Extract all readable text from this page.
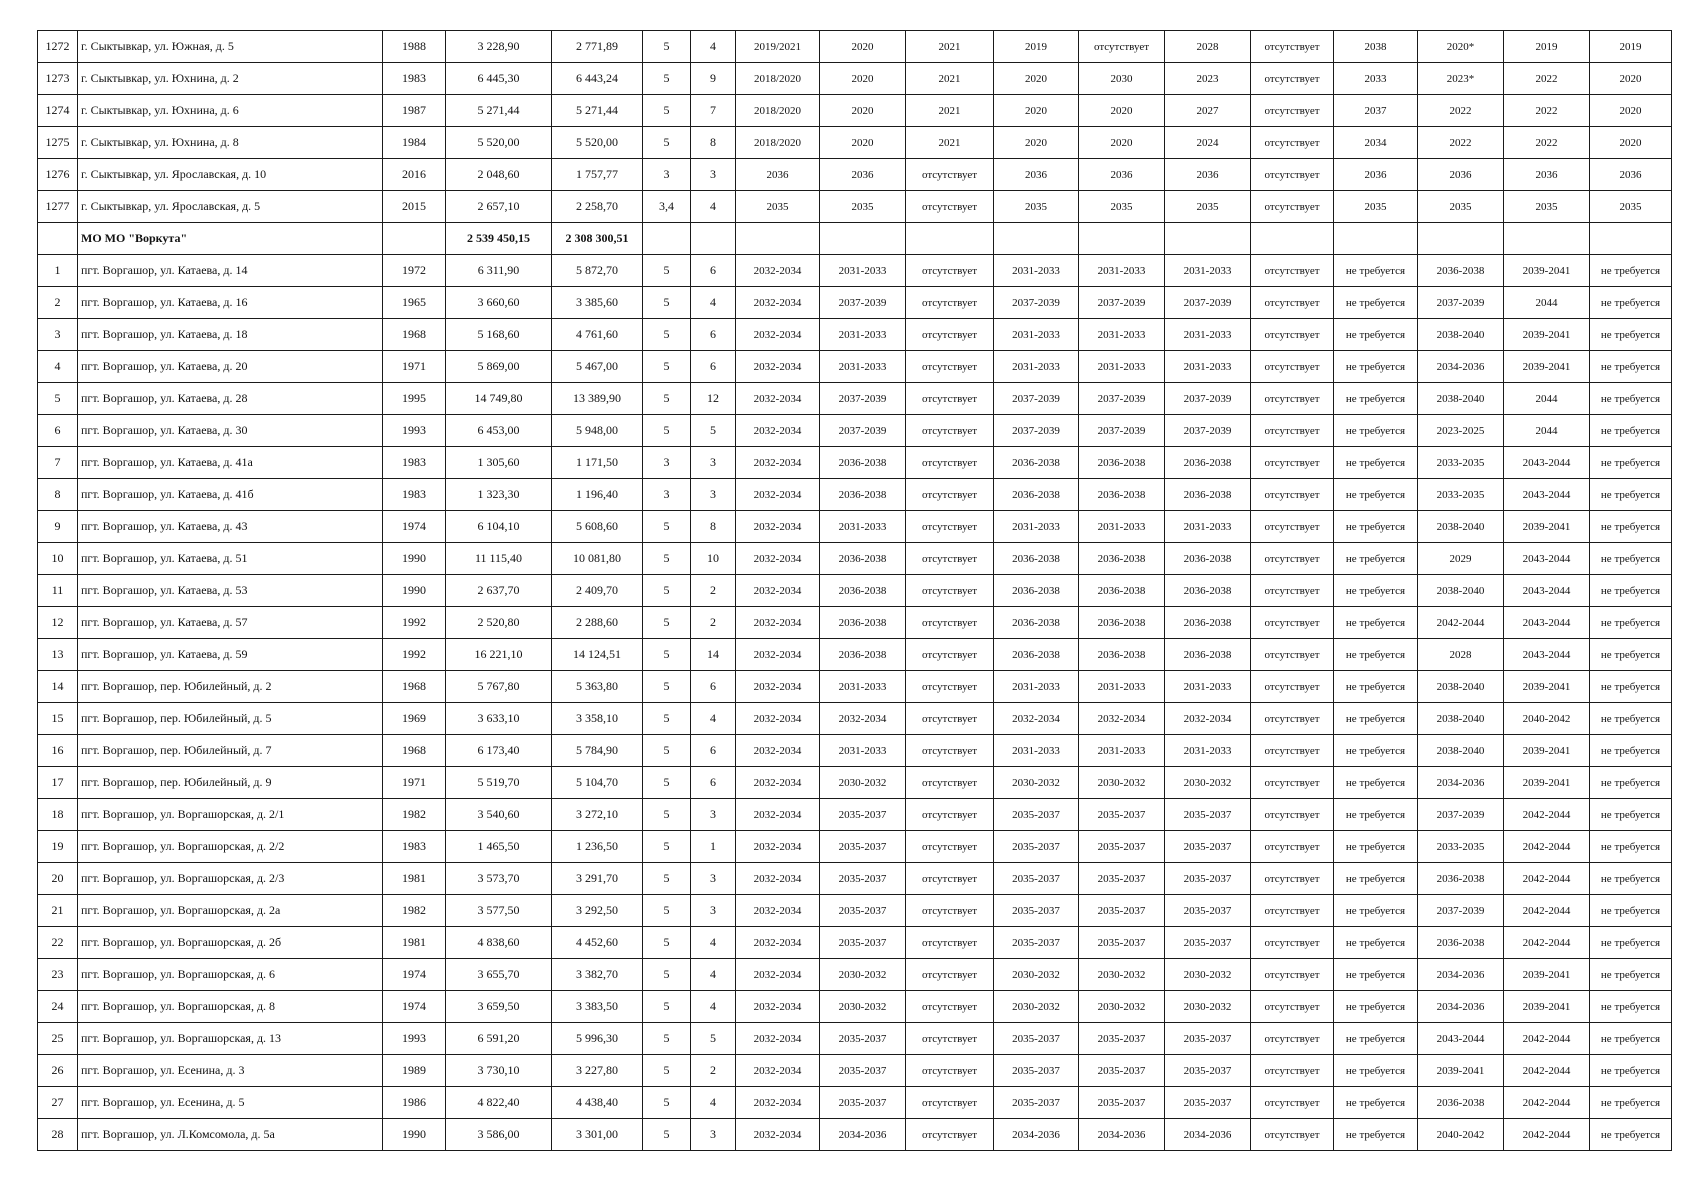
1272	г. Сыктывкар, ул. Южная, д. 5	1988	3 228,90	2 771,89	5	4	2019/2021	2020	2021	2019	отсутствует	2028	отсутствует	2038	2020*	2019	2019
1273	г. Сыктывкар, ул. Юхнина, д. 2	1983	6 445,30	6 443,24	5	9	2018/2020	2020	2021	2020	2030	2023	отсутствует	2033	2023*	2022	2020
1274	г. Сыктывкар, ул. Юхнина, д. 6	1987	5 271,44	5 271,44	5	7	2018/2020	2020	2021	2020	2020	2027	отсутствует	2037	2022	2022	2020
1275	г. Сыктывкар, ул. Юхнина, д. 8	1984	5 520,00	5 520,00	5	8	2018/2020	2020	2021	2020	2020	2024	отсутствует	2034	2022	2022	2020
1276	г. Сыктывкар, ул. Ярославская, д. 10	2016	2 048,60	1 757,77	3	3	2036	2036	отсутствует	2036	2036	2036	отсутствует	2036	2036	2036	2036
1277	г. Сыктывкар, ул. Ярославская, д. 5	2015	2 657,10	2 258,70	3,4	4	2035	2035	отсутствует	2035	2035	2035	отсутствует	2035	2035	2035	2035
	МО МО "Воркута"		2 539 450,15	2 308 300,51													
1	пгт. Воргашор, ул. Катаева, д. 14	1972	6 311,90	5 872,70	5	6	2032-2034	2031-2033	отсутствует	2031-2033	2031-2033	2031-2033	отсутствует	не требуется	2036-2038	2039-2041	не требуется
2	пгт. Воргашор, ул. Катаева, д. 16	1965	3 660,60	3 385,60	5	4	2032-2034	2037-2039	отсутствует	2037-2039	2037-2039	2037-2039	отсутствует	не требуется	2037-2039	2044	не требуется
3	пгт. Воргашор, ул. Катаева, д. 18	1968	5 168,60	4 761,60	5	6	2032-2034	2031-2033	отсутствует	2031-2033	2031-2033	2031-2033	отсутствует	не требуется	2038-2040	2039-2041	не требуется
4	пгт. Воргашор, ул. Катаева, д. 20	1971	5 869,00	5 467,00	5	6	2032-2034	2031-2033	отсутствует	2031-2033	2031-2033	2031-2033	отсутствует	не требуется	2034-2036	2039-2041	не требуется
5	пгт. Воргашор, ул. Катаева, д. 28	1995	14 749,80	13 389,90	5	12	2032-2034	2037-2039	отсутствует	2037-2039	2037-2039	2037-2039	отсутствует	не требуется	2038-2040	2044	не требуется
6	пгт. Воргашор, ул. Катаева, д. 30	1993	6 453,00	5 948,00	5	5	2032-2034	2037-2039	отсутствует	2037-2039	2037-2039	2037-2039	отсутствует	не требуется	2023-2025	2044	не требуется
7	пгт. Воргашор, ул. Катаева, д. 41а	1983	1 305,60	1 171,50	3	3	2032-2034	2036-2038	отсутствует	2036-2038	2036-2038	2036-2038	отсутствует	не требуется	2033-2035	2043-2044	не требуется
8	пгт. Воргашор, ул. Катаева, д. 41б	1983	1 323,30	1 196,40	3	3	2032-2034	2036-2038	отсутствует	2036-2038	2036-2038	2036-2038	отсутствует	не требуется	2033-2035	2043-2044	не требуется
9	пгт. Воргашор, ул. Катаева, д. 43	1974	6 104,10	5 608,60	5	8	2032-2034	2031-2033	отсутствует	2031-2033	2031-2033	2031-2033	отсутствует	не требуется	2038-2040	2039-2041	не требуется
10	пгт. Воргашор, ул. Катаева, д. 51	1990	11 115,40	10 081,80	5	10	2032-2034	2036-2038	отсутствует	2036-2038	2036-2038	2036-2038	отсутствует	не требуется	2029	2043-2044	не требуется
11	пгт. Воргашор, ул. Катаева, д. 53	1990	2 637,70	2 409,70	5	2	2032-2034	2036-2038	отсутствует	2036-2038	2036-2038	2036-2038	отсутствует	не требуется	2038-2040	2043-2044	не требуется
12	пгт. Воргашор, ул. Катаева, д. 57	1992	2 520,80	2 288,60	5	2	2032-2034	2036-2038	отсутствует	2036-2038	2036-2038	2036-2038	отсутствует	не требуется	2042-2044	2043-2044	не требуется
13	пгт. Воргашор, ул. Катаева, д. 59	1992	16 221,10	14 124,51	5	14	2032-2034	2036-2038	отсутствует	2036-2038	2036-2038	2036-2038	отсутствует	не требуется	2028	2043-2044	не требуется
14	пгт. Воргашор, пер. Юбилейный, д. 2	1968	5 767,80	5 363,80	5	6	2032-2034	2031-2033	отсутствует	2031-2033	2031-2033	2031-2033	отсутствует	не требуется	2038-2040	2039-2041	не требуется
15	пгт. Воргашор, пер. Юбилейный, д. 5	1969	3 633,10	3 358,10	5	4	2032-2034	2032-2034	отсутствует	2032-2034	2032-2034	2032-2034	отсутствует	не требуется	2038-2040	2040-2042	не требуется
16	пгт. Воргашор, пер. Юбилейный, д. 7	1968	6 173,40	5 784,90	5	6	2032-2034	2031-2033	отсутствует	2031-2033	2031-2033	2031-2033	отсутствует	не требуется	2038-2040	2039-2041	не требуется
17	пгт. Воргашор, пер. Юбилейный, д. 9	1971	5 519,70	5 104,70	5	6	2032-2034	2030-2032	отсутствует	2030-2032	2030-2032	2030-2032	отсутствует	не требуется	2034-2036	2039-2041	не требуется
18	пгт. Воргашор, ул. Воргашорская, д. 2/1	1982	3 540,60	3 272,10	5	3	2032-2034	2035-2037	отсутствует	2035-2037	2035-2037	2035-2037	отсутствует	не требуется	2037-2039	2042-2044	не требуется
19	пгт. Воргашор, ул. Воргашорская, д. 2/2	1983	1 465,50	1 236,50	5	1	2032-2034	2035-2037	отсутствует	2035-2037	2035-2037	2035-2037	отсутствует	не требуется	2033-2035	2042-2044	не требуется
20	пгт. Воргашор, ул. Воргашорская, д. 2/3	1981	3 573,70	3 291,70	5	3	2032-2034	2035-2037	отсутствует	2035-2037	2035-2037	2035-2037	отсутствует	не требуется	2036-2038	2042-2044	не требуется
21	пгт. Воргашор, ул. Воргашорская, д. 2а	1982	3 577,50	3 292,50	5	3	2032-2034	2035-2037	отсутствует	2035-2037	2035-2037	2035-2037	отсутствует	не требуется	2037-2039	2042-2044	не требуется
22	пгт. Воргашор, ул. Воргашорская, д. 2б	1981	4 838,60	4 452,60	5	4	2032-2034	2035-2037	отсутствует	2035-2037	2035-2037	2035-2037	отсутствует	не требуется	2036-2038	2042-2044	не требуется
23	пгт. Воргашор, ул. Воргашорская, д. 6	1974	3 655,70	3 382,70	5	4	2032-2034	2030-2032	отсутствует	2030-2032	2030-2032	2030-2032	отсутствует	не требуется	2034-2036	2039-2041	не требуется
24	пгт. Воргашор, ул. Воргашорская, д. 8	1974	3 659,50	3 383,50	5	4	2032-2034	2030-2032	отсутствует	2030-2032	2030-2032	2030-2032	отсутствует	не требуется	2034-2036	2039-2041	не требуется
25	пгт. Воргашор, ул. Воргашорская, д. 13	1993	6 591,20	5 996,30	5	5	2032-2034	2035-2037	отсутствует	2035-2037	2035-2037	2035-2037	отсутствует	не требуется	2043-2044	2042-2044	не требуется
26	пгт. Воргашор, ул. Есенина, д. 3	1989	3 730,10	3 227,80	5	2	2032-2034	2035-2037	отсутствует	2035-2037	2035-2037	2035-2037	отсутствует	не требуется	2039-2041	2042-2044	не требуется
27	пгт. Воргашор, ул. Есенина, д. 5	1986	4 822,40	4 438,40	5	4	2032-2034	2035-2037	отсутствует	2035-2037	2035-2037	2035-2037	отсутствует	не требуется	2036-2038	2042-2044	не требуется
28	пгт. Воргашор, ул. Л.Комсомола, д. 5а	1990	3 586,00	3 301,00	5	3	2032-2034	2034-2036	отсутствует	2034-2036	2034-2036	2034-2036	отсутствует	не требуется	2040-2042	2042-2044	не требуется
